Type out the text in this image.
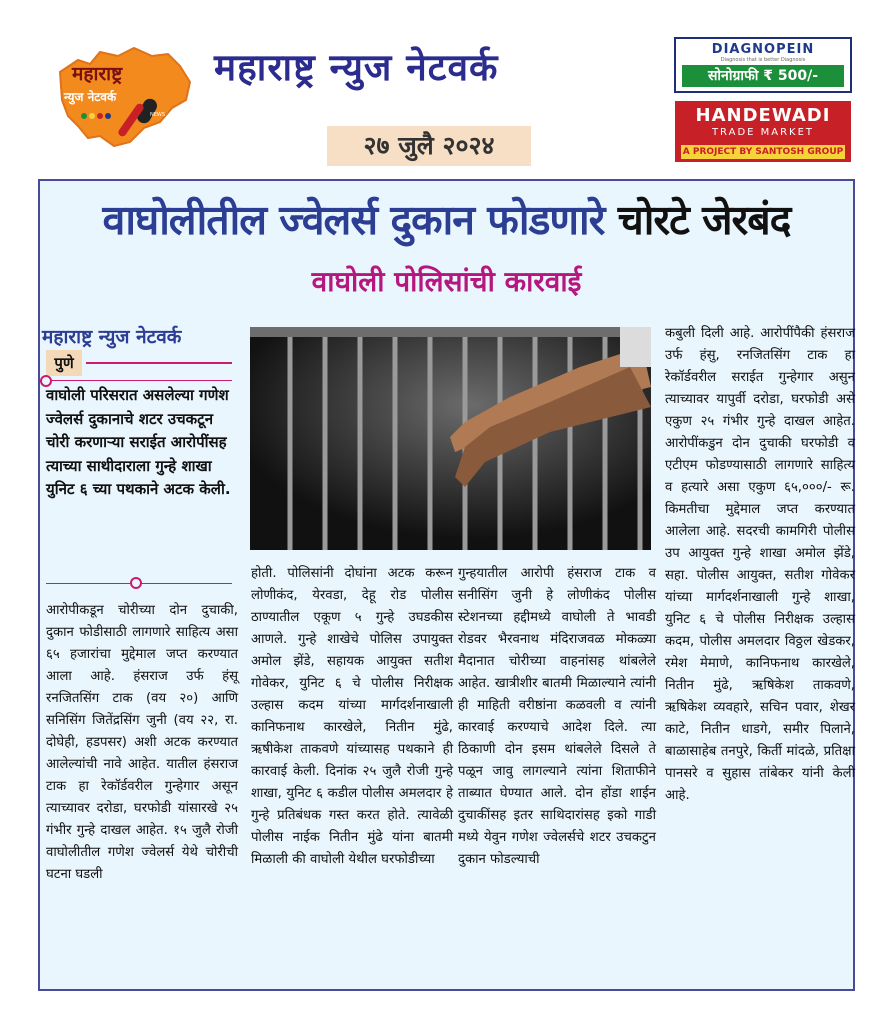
NEWS
महाराष्ट्र
न्युज नेटवर्क
महाराष्ट्र न्युज नेटवर्क
२७ जुलै २०२४
DIAGNOPEIN
Diagnosis that is better Diagnosis
सोनोग्राफी ₹ 500/-
HANDEWADI
TRADE MARKET
A PROJECT BY SANTOSH GROUP
वाघोलीतील ज्वेलर्स दुकान फोडणारे चोरटे जेरबंद
वाघोली पोलिसांची कारवाई
महाराष्ट्र न्युज नेटवर्क
पुणे
वाघोली परिसरात असलेल्या गणेश ज्वेलर्स दुकानाचे शटर उचकटून चोरी करणाऱ्या सराईत आरोपींसह त्याच्या साथीदाराला गुन्हे शाखा युनिट ६ च्या पथकाने अटक केली.
आरोपीकडून चोरीच्या दोन दुचाकी, दुकान फोडीसाठी लागणारे साहित्य असा ६५ हजारांचा मुद्देमाल जप्त करण्यात आला आहे. हंसराज उर्फ हंसू रनजितसिंग टाक (वय २०) आणि सनिसिंग जितेंद्रसिंग जुनी (वय २२, रा. दोघेही, हडपसर) अशी अटक करण्यात आलेल्यांची नावे आहेत. यातील हंसराज टाक हा रेकॉर्डवरील गुन्हेगार असून त्याच्यावर दरोडा, घरफोडी यांसारखे २५ गंभीर गुन्हे दाखल आहेत. १५ जुलै रोजी वाघोलीतील गणेश ज्वेलर्स येथे चोरीची घटना घडली
होती. पोलिसांनी दोघांना अटक करून लोणीकंद, येरवडा, देहू रोड पोलीस ठाण्यातील एकूण ५ गुन्हे उघडकीस आणले. गुन्हे शाखेचे पोलिस उपायुक्त अमोल झेंडे, सहायक आयुक्त सतीश गोवेकर, युनिट ६ चे पोलीस निरीक्षक उल्हास कदम यांच्या मार्गदर्शनाखाली कानिफनाथ कारखेले, नितीन मुंढे, ऋषीकेश ताकवणे यांच्यासह पथकाने ही कारवाई केली. दिनांक २५ जुलै रोजी गुन्हे शाखा, युनिट ६ कडील पोलीस अमलदार हे गुन्हे प्रतिबंधक गस्त करत होते. त्यावेळी पोलीस नाईक नितीन मुंढे यांना बातमी मिळाली की वाघोली येथील घरफोडीच्या
गुन्हयातील आरोपी हंसराज टाक व सनीसिंग जुनी हे लोणीकंद पोलीस स्टेशनच्या हद्दीमध्ये वाघोली ते भावडी रोडवर भैरवनाथ मंदिराजवळ मोकळ्या मैदानात चोरीच्या वाहनांसह थांबलेले आहेत. खात्रीशीर बातमी मिळाल्याने त्यांनी ही माहिती वरीष्ठांना कळवली व त्यांनी कारवाई करण्याचे आदेश दिले. त्या ठिकाणी दोन इसम थांबलेले दिसले ते पळून जावु लागल्याने त्यांना शिताफीने ताब्यात घेण्यात आले. दोन होंडा शाईन दुचाकींसह इतर साथिदारांसह इको गाडी मध्ये येवुन गणेश ज्वेलर्सचे शटर उचकटुन दुकान फोडल्याची
कबुली दिली आहे. आरोपींपैकी हंसराज उर्फ हंसु, रनजितसिंग टाक हा रेकॉर्डवरील सराईत गुन्हेगार असुन त्याच्यावर यापुर्वी दरोडा, घरफोडी असे एकुण २५ गंभीर गुन्हे दाखल आहेत. आरोपींकडुन दोन दुचाकी घरफोडी व एटीएम फोडण्यासाठी लागणारे साहित्य व हत्यारे असा एकुण ६५,०००/- रू. किमतीचा मुद्देमाल जप्त करण्यात आलेला आहे. सदरची कामगिरी पोलीस उप आयुक्त गुन्हे शाखा अमोल झेंडे, सहा. पोलीस आयुक्त, सतीश गोवेकर यांच्या मार्गदर्शनाखाली गुन्हे शाखा, युनिट ६ चे पोलीस निरीक्षक उल्हास कदम, पोलीस अमलदार विठ्ठल खेडकर, रमेश मेमाणे, कानिफनाथ कारखेले, नितीन मुंढे, ऋषिकेश ताकवणे, ऋषिकेश व्यवहारे, सचिन पवार, शेखर काटे, नितीन धाडगे, समीर पिलाने, बाळासाहेब तनपुरे, किर्ती मांदळे, प्रतिक्षा पानसरे व सुहास तांबेकर यांनी केली आहे.
